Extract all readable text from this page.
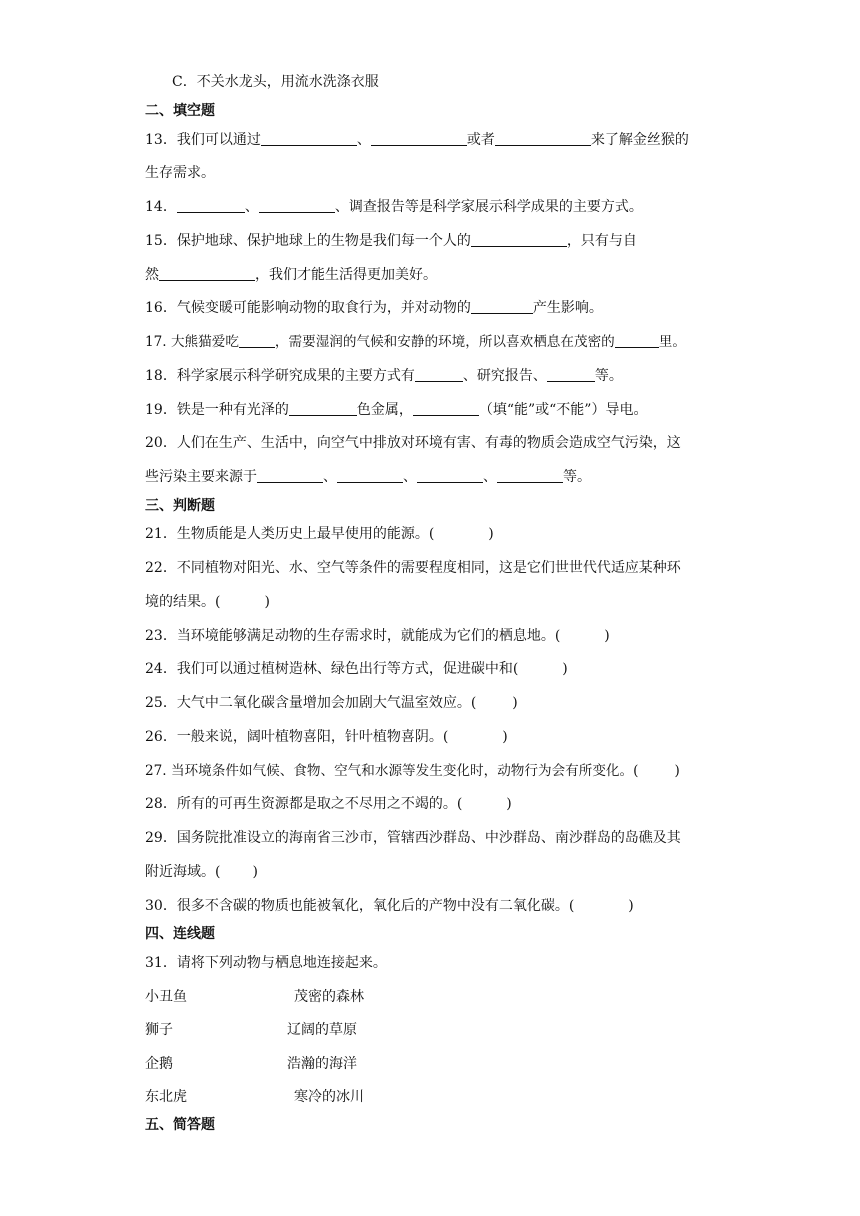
C．不关水龙头，用流水洗涤衣服
二、填空题
13．我们可以通过	、	或者	来了解金丝猴的
生存需求。
14．	、	、调查报告等是科学家展示科学成果的主要方式。
15．保护地球、保护地球上的生物是我们每一个人的	，只有与自
然	，我们才能生活得更加美好。
16．气候变暖可能影响动物的取食行为，并对动物的	产生影响。
17. 大熊猫爱吃	，需要湿润的气候和安静的环境，所以喜欢栖息在茂密的	里。
18．科学家展示科学研究成果的主要方式有	、研究报告、	等。
19．铁是一种有光泽的	色金属，	（填“能”或“不能”）导电。
20．人们在生产、生活中，向空气中排放对环境有害、有毒的物质会造成空气污染，这
些污染主要来源于	、	、	、	等。
三、判断题
21．生物质能是人类历史上最早使用的能源。(	)
22．不同植物对阳光、水、空气等条件的需要程度相同，这是它们世世代代适应某种环
境的结果。(	)
23．当环境能够满足动物的生存需求时，就能成为它们的栖息地。(	)
24．我们可以通过植树造林、绿色出行等方式，促进碳中和(	)
25．大气中二氧化碳含量增加会加剧大气温室效应。(	)
26．一般来说，阔叶植物喜阳，针叶植物喜阴。(	)
27. 当环境条件如气候、食物、空气和水源等发生变化时，动物行为会有所变化。(	)
28．所有的可再生资源都是取之不尽用之不竭的。(	)
29．国务院批准设立的海南省三沙市，管辖西沙群岛、中沙群岛、南沙群岛的岛礁及其
附近海域。( )
30．很多不含碳的物质也能被氧化，氧化后的产物中没有二氧化碳。(	)
四、连线题
31．请将下列动物与栖息地连接起来。
小丑鱼	茂密的森林
狮子	辽阔的草原
企鹅	浩瀚的海洋
东北虎	寒冷的冰川
五、简答题
